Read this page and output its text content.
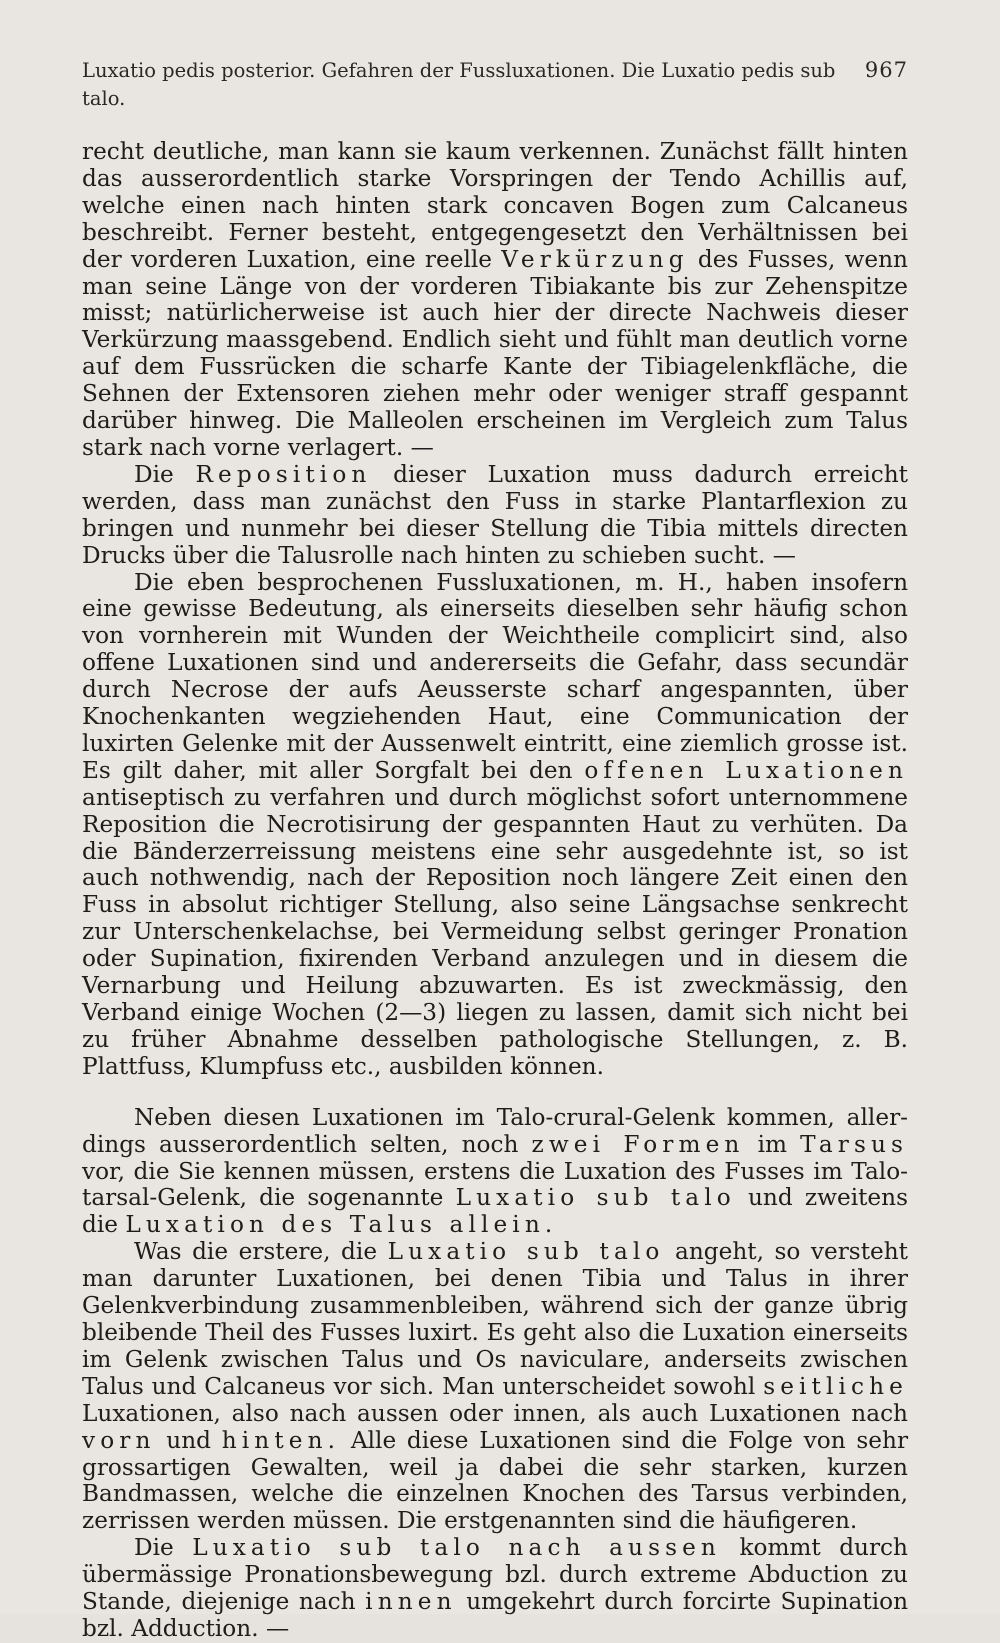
Luxatio pedis posterior. Gefahren der Fussluxationen. Die Luxatio pedis sub talo.
967

recht deutliche, man kann sie kaum verkennen. Zunächst fällt hinten das ausserordentlich starke Vorspringen der Tendo Achillis auf, welche einen nach hinten stark concaven Bogen zum Calcaneus beschreibt. Ferner besteht, entgegengesetzt den Verhältnissen bei der vorderen Luxation, eine reelle Verkürzung des Fusses, wenn man seine Länge von der vorderen Tibiakante bis zur Zehenspitze misst; natürlicherweise ist auch hier der directe Nachweis dieser Verkürzung maassgebend. Endlich sieht und fühlt man deutlich vorne auf dem Fussrücken die scharfe Kante der Tibiagelenkfläche, die Sehnen der Extensoren ziehen mehr oder weniger straff gespannt darüber hinweg. Die Malleolen erscheinen im Vergleich zum Talus stark nach vorne verlagert. —

Die Reposition dieser Luxation muss dadurch erreicht werden, dass man zunächst den Fuss in starke Plantarflexion zu bringen und nunmehr bei dieser Stellung die Tibia mittels directen Drucks über die Talusrolle nach hinten zu schieben sucht. —

Die eben besprochenen Fussluxationen, m. H., haben insofern eine gewisse Bedeutung, als einerseits dieselben sehr häufig schon von vornherein mit Wunden der Weichtheile complicirt sind, also offene Luxationen sind und andererseits die Gefahr, dass secundär durch Necrose der aufs Aeusserste scharf angespannten, über Knochenkanten wegziehenden Haut, eine Communication der luxirten Gelenke mit der Aussenwelt eintritt, eine ziemlich grosse ist. Es gilt daher, mit aller Sorgfalt bei den offenen Luxationen antiseptisch zu verfahren und durch möglichst sofort unternommene Reposition die Necrotisirung der gespannten Haut zu verhüten. Da die Bänderzerreissung meistens eine sehr ausgedehnte ist, so ist auch nothwendig, nach der Reposition noch längere Zeit einen den Fuss in absolut richtiger Stellung, also seine Längsachse senkrecht zur Unterschenkelachse, bei Vermeidung selbst geringer Pronation oder Supination, fixirenden Verband anzulegen und in diesem die Vernarbung und Heilung abzuwarten. Es ist zweckmässig, den Verband einige Wochen (2—3) liegen zu lassen, damit sich nicht bei zu früher Abnahme desselben pathologische Stellungen, z. B. Plattfuss, Klumpfuss etc., ausbilden können.

Neben diesen Luxationen im Talo-crural-Gelenk kommen, allerdings ausserordentlich selten, noch zwei Formen im Tarsus vor, die Sie kennen müssen, erstens die Luxation des Fusses im Talo-tarsal-Gelenk, die sogenannte Luxatio sub talo und zweitens die Luxation des Talus allein.

Was die erstere, die Luxatio sub talo angeht, so versteht man darunter Luxationen, bei denen Tibia und Talus in ihrer Gelenkverbindung zusammenbleiben, während sich der ganze übrig bleibende Theil des Fusses luxirt. Es geht also die Luxation einerseits im Gelenk zwischen Talus und Os naviculare, anderseits zwischen Talus und Calcaneus vor sich. Man unterscheidet sowohl seitliche Luxationen, also nach aussen oder innen, als auch Luxationen nach vorn und hinten. Alle diese Luxationen sind die Folge von sehr grossartigen Gewalten, weil ja dabei die sehr starken, kurzen Bandmassen, welche die einzelnen Knochen des Tarsus verbinden, zerrissen werden müssen. Die erstgenannten sind die häufigeren.

Die Luxatio sub talo nach aussen kommt durch übermässige Pronationsbewegung bzl. durch extreme Abduction zu Stande, diejenige nach innen umgekehrt durch forcirte Supination bzl. Adduction. —
